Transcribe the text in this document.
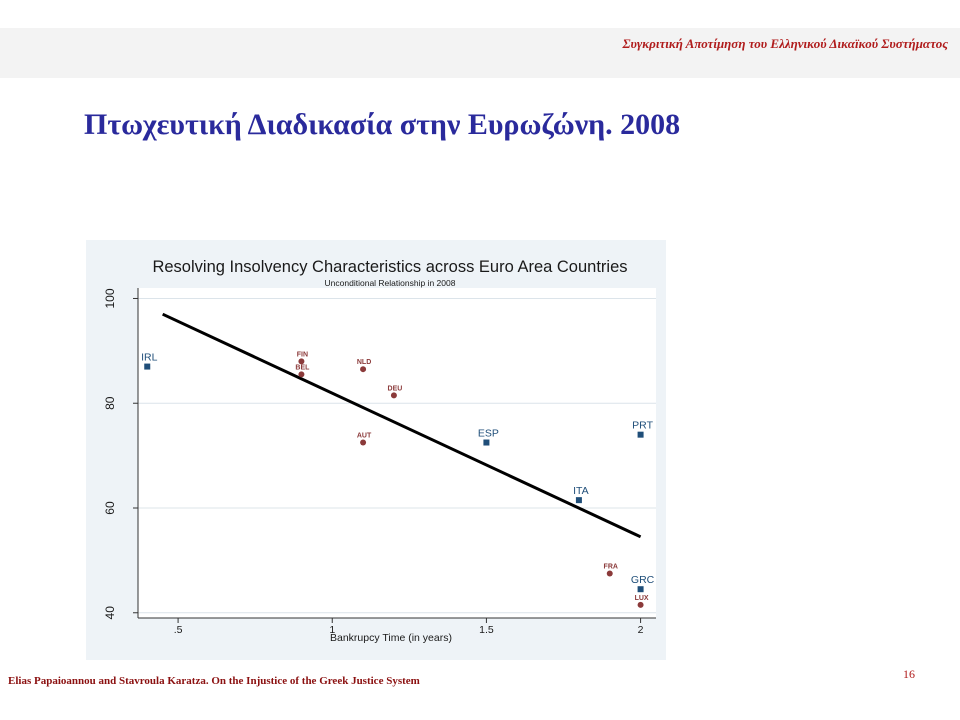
Συγκριτική Αποτίμηση του Ελληνικού Δικαϊκού Συστήματος
Πτωχευτική Διαδικασία στην Ευρωζώνη. 2008
40
60
80
100
.5	1	1.5	2
IRL
ESP
ITA
PRT
GRC
FIN
BEL
NLD
DEU
AUT
FRA
LUX
Resolving Insolvency Characteristics across Euro Area Countries
Unconditional Relationship in 2008
Bankrupcy Time (in years)
Elias Papaioannou and Stavroula Karatza. On the Injustice of the Greek Justice System	16
